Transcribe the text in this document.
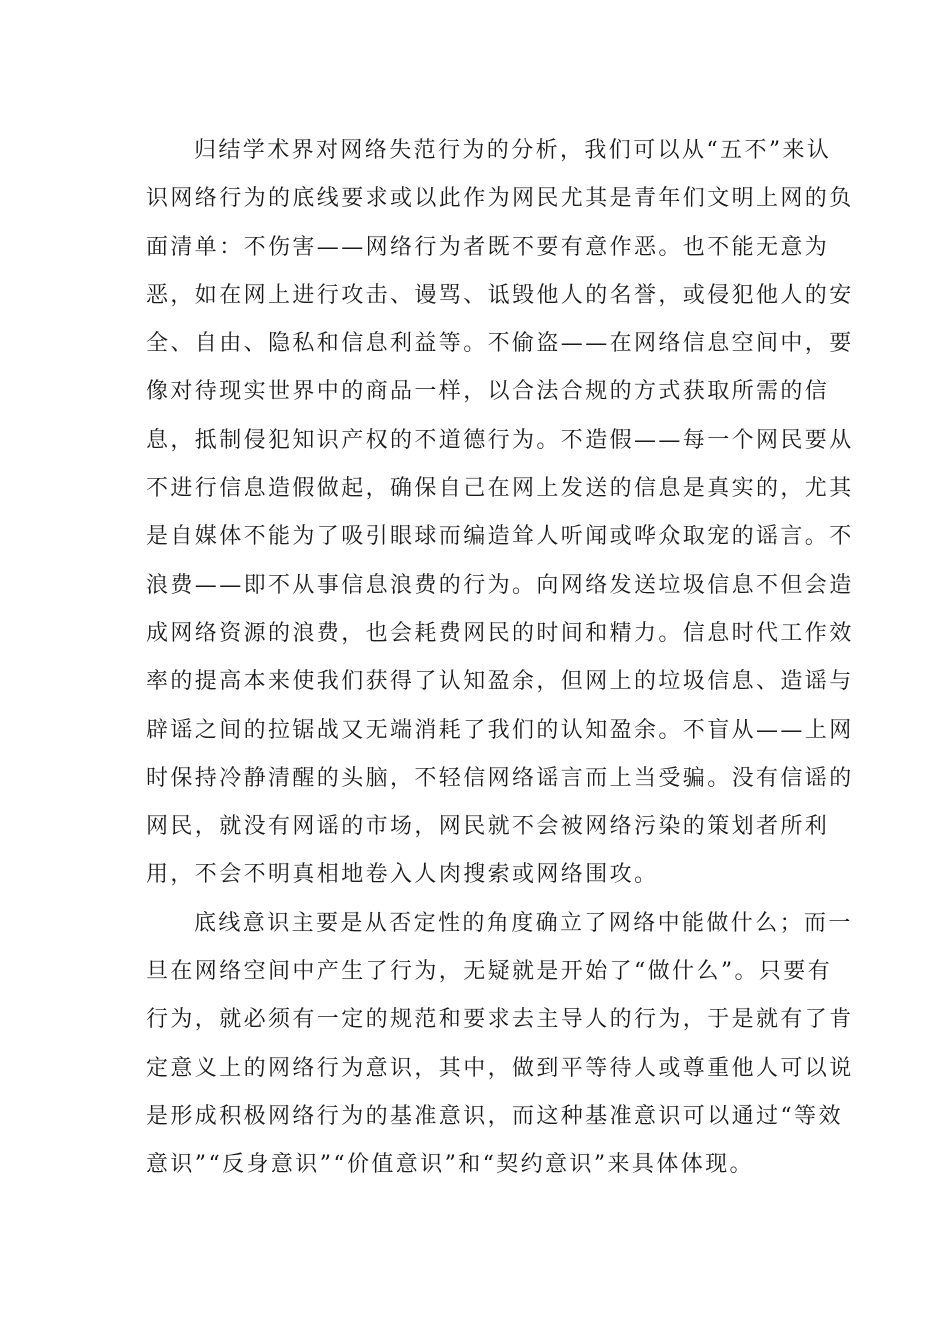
归结学术界对网络失范行为的分析，我们可以从“五不”来认
识网络行为的底线要求或以此作为网民尤其是青年们文明上网的负
面清单：不伤害——网络行为者既不要有意作恶。也不能无意为
恶，如在网上进行攻击、谩骂、诋毁他人的名誉，或侵犯他人的安
全、自由、隐私和信息利益等。不偷盗——在网络信息空间中，要
像对待现实世界中的商品一样，以合法合规的方式获取所需的信
息，抵制侵犯知识产权的不道德行为。不造假——每一个网民要从
不进行信息造假做起，确保自己在网上发送的信息是真实的，尤其
是自媒体不能为了吸引眼球而编造耸人听闻或哗众取宠的谣言。不
浪费——即不从事信息浪费的行为。向网络发送垃圾信息不但会造
成网络资源的浪费，也会耗费网民的时间和精力。信息时代工作效
率的提高本来使我们获得了认知盈余，但网上的垃圾信息、造谣与
辟谣之间的拉锯战又无端消耗了我们的认知盈余。不盲从——上网
时保持冷静清醒的头脑，不轻信网络谣言而上当受骗。没有信谣的
网民，就没有网谣的市场，网民就不会被网络污染的策划者所利
用，不会不明真相地卷入人肉搜索或网络围攻。
底线意识主要是从否定性的角度确立了网络中能做什么；而一
旦在网络空间中产生了行为，无疑就是开始了“做什么”。只要有
行为，就必须有一定的规范和要求去主导人的行为，于是就有了肯
定意义上的网络行为意识，其中，做到平等待人或尊重他人可以说
是形成积极网络行为的基准意识，而这种基准意识可以通过“等效
意识”“反身意识”“价值意识”和“契约意识”来具体体现。
